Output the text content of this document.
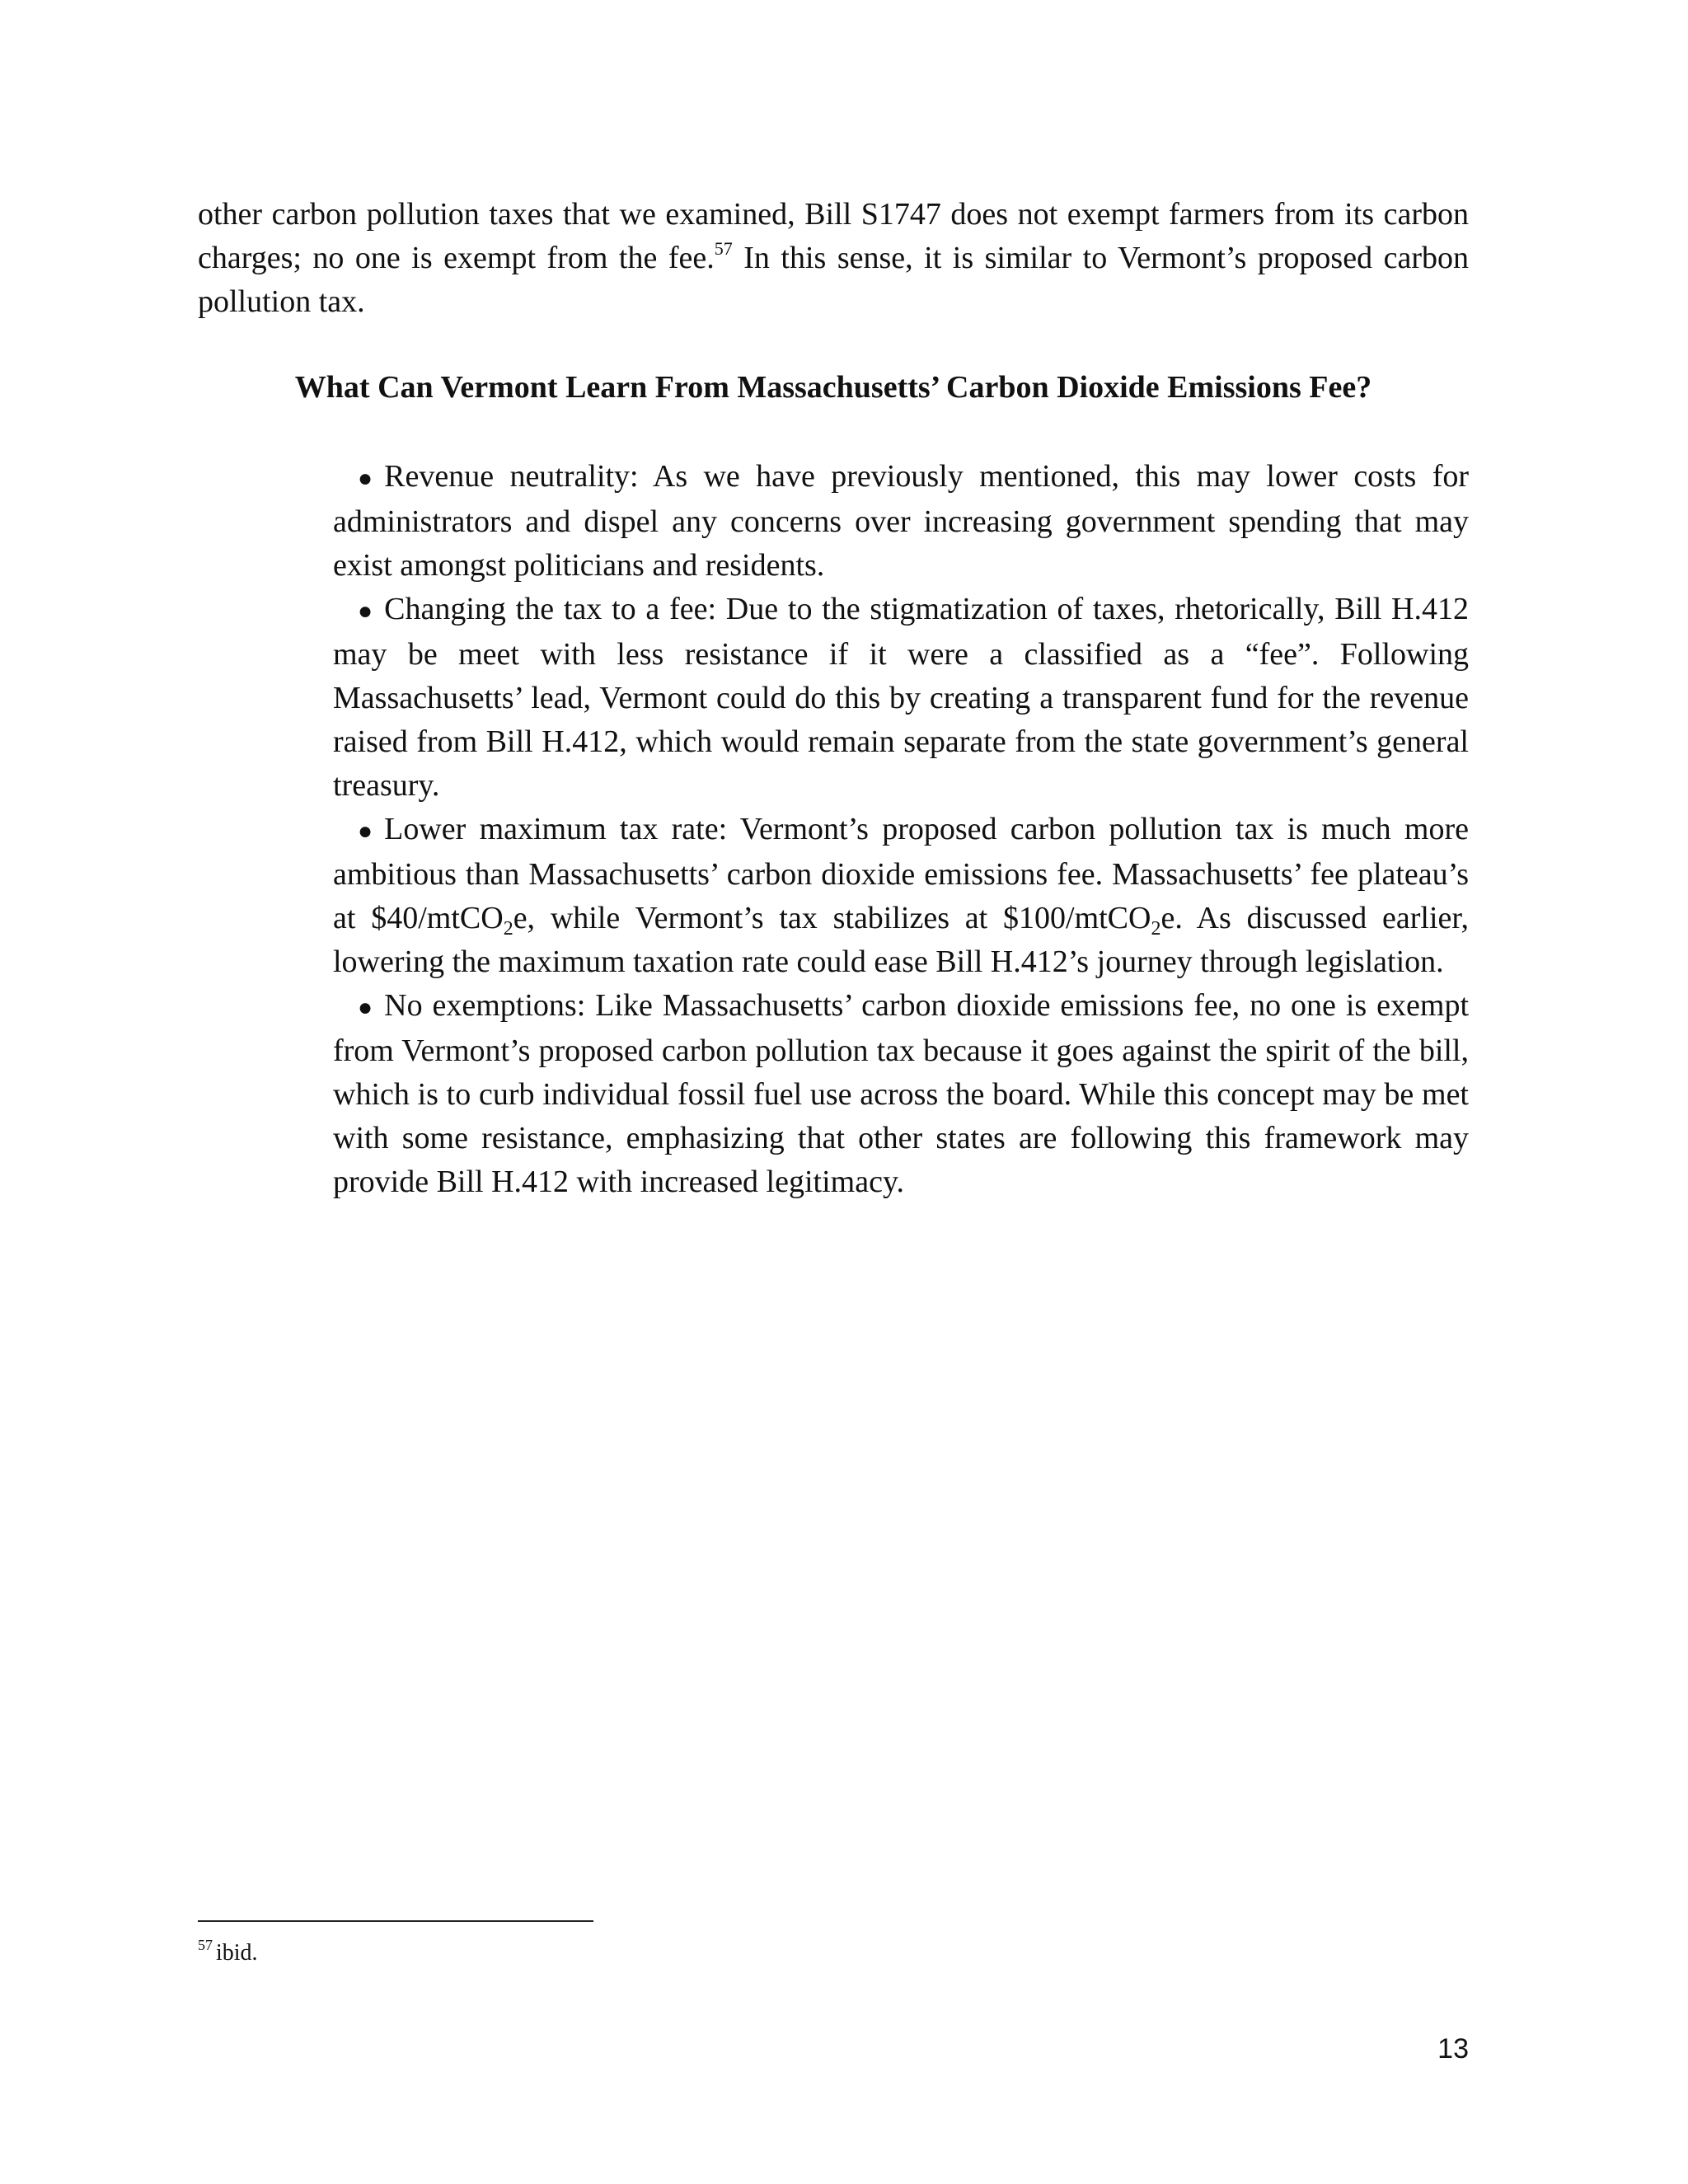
other carbon pollution taxes that we examined, Bill S1747 does not exempt farmers from its carbon charges; no one is exempt from the fee.$^{57}$ In this sense, it is similar to Vermont’s proposed carbon pollution tax.

What Can Vermont Learn From Massachusetts’ Carbon Dioxide Emissions Fee?
● Revenue neutrality: As we have previously mentioned, this may lower costs for administrators and dispel any concerns over increasing government spending that may exist amongst politicians and residents.
● Changing the tax to a fee: Due to the stigmatization of taxes, rhetorically, Bill H.412 may be meet with less resistance if it were a classified as a “fee”. Following Massachusetts’ lead, Vermont could do this by creating a transparent fund for the revenue raised from Bill H.412, which would remain separate from the state government’s general treasury.
● Lower maximum tax rate: Vermont’s proposed carbon pollution tax is much more ambitious than Massachusetts’ carbon dioxide emissions fee. Massachusetts’ fee plateau’s at $40/mtCO$_2$e, while Vermont’s tax stabilizes at $100/mtCO$_2$e. As discussed earlier, lowering the maximum taxation rate could ease Bill H.412’s journey through legislation.
● No exemptions: Like Massachusetts’ carbon dioxide emissions fee, no one is exempt from Vermont’s proposed carbon pollution tax because it goes against the spirit of the bill, which is to curb individual fossil fuel use across the board. While this concept may be met with some resistance, emphasizing that other states are following this framework may provide Bill H.412 with increased legitimacy.

$^{57}$ ibid.

13
